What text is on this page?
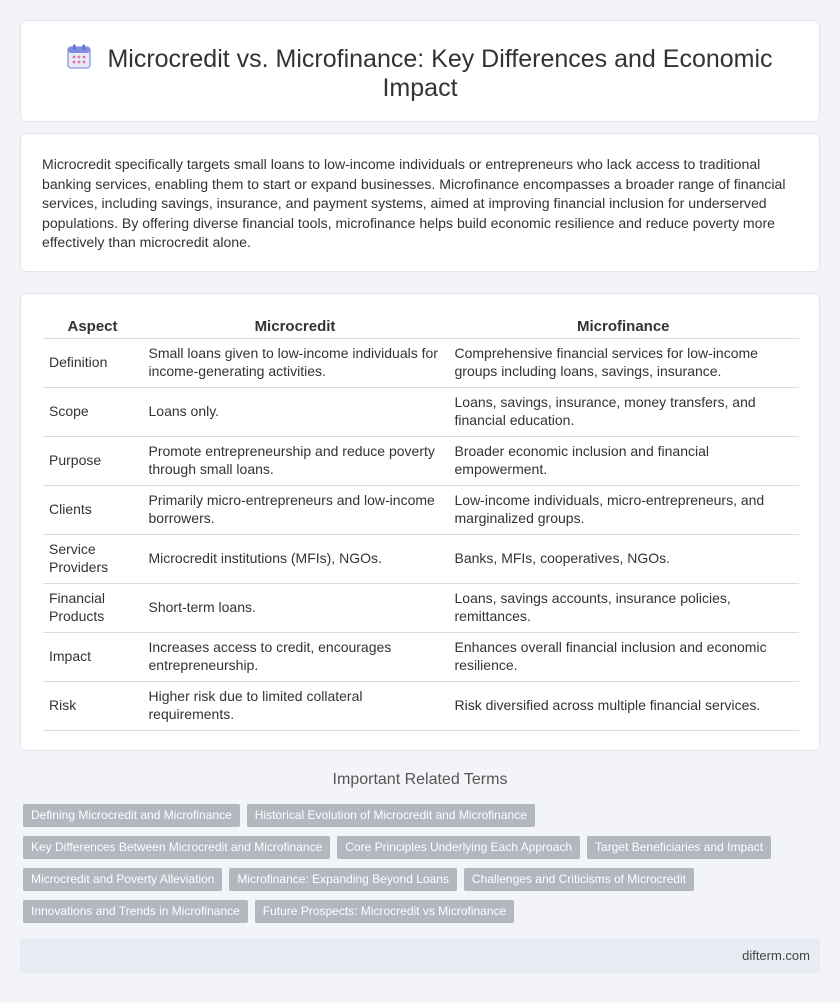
Microcredit vs. Microfinance: Key Differences and Economic Impact

Microcredit specifically targets small loans to low-income individuals or entrepreneurs who lack access to traditional banking services, enabling them to start or expand businesses. Microfinance encompasses a broader range of financial services, including savings, insurance, and payment systems, aimed at improving financial inclusion for underserved populations. By offering diverse financial tools, microfinance helps build economic resilience and reduce poverty more effectively than microcredit alone.

Aspect	Microcredit	Microfinance
Definition	Small loans given to low-income individuals for income-generating activities.	Comprehensive financial services for low-income groups including loans, savings, insurance.
Scope	Loans only.	Loans, savings, insurance, money transfers, and financial education.
Purpose	Promote entrepreneurship and reduce poverty through small loans.	Broader economic inclusion and financial empowerment.
Clients	Primarily micro-entrepreneurs and low-income borrowers.	Low-income individuals, micro-entrepreneurs, and marginalized groups.
Service Providers	Microcredit institutions (MFIs), NGOs.	Banks, MFIs, cooperatives, NGOs.
Financial Products	Short-term loans.	Loans, savings accounts, insurance policies, remittances.
Impact	Increases access to credit, encourages entrepreneurship.	Enhances overall financial inclusion and economic resilience.
Risk	Higher risk due to limited collateral requirements.	Risk diversified across multiple financial services.
Important Related Terms
Defining Microcredit and Microfinance	Historical Evolution of Microcredit and Microfinance
Key Differences Between Microcredit and Microfinance	Core Principles Underlying Each Approach	Target Beneficiaries and Impact
Microcredit and Poverty Alleviation	Microfinance: Expanding Beyond Loans	Challenges and Criticisms of Microcredit
Innovations and Trends in Microfinance	Future Prospects: Microcredit vs Microfinance
difterm.com
